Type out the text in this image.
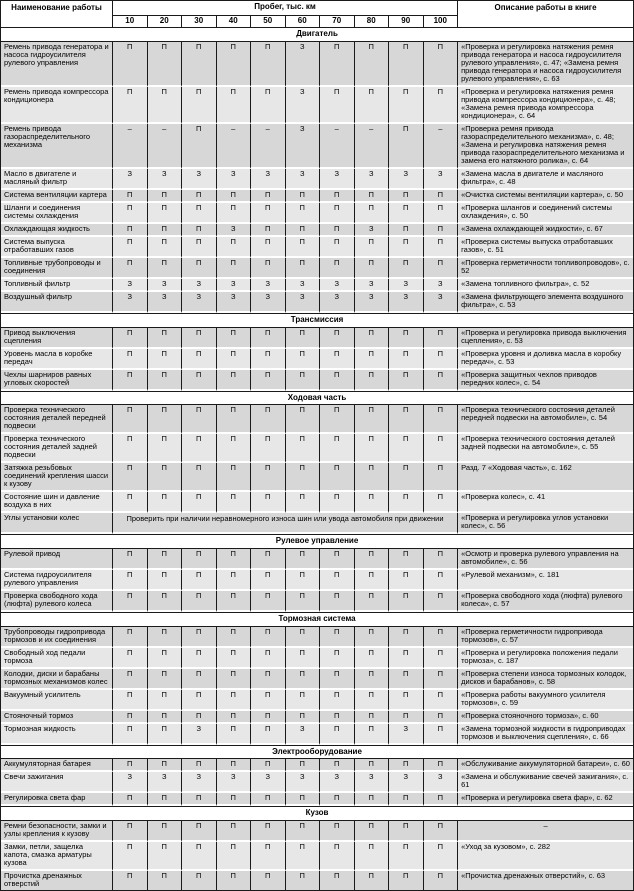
Наименование работы	Пробег, тыс. км										Описание работы в книге
	10	20	30	40	50	60	70	80	90	100	
Двигатель											
Ремень привода генератора и насоса гидроусилителя рулевого управления	П	П	П	П	П	З	П	П	П	П	«Проверка и регулировка натяжения ремня привода генератора и насоса гидроусилителя рулевого управления», с. 47; «Замена ремня привода генератора и насоса гидроусилителя рулевого управления», с. 63
Ремень привода компрессора кондиционера	П	П	П	П	П	З	П	П	П	П	«Проверка и регулировка натяжения ремня привода компрессора кондиционера», с. 48; «Замена ремня привода компрессора кондиционера», с. 64
Ремень привода газораспределительного механизма	–	–	П	–	–	З	–	–	П	–	«Проверка ремня привода газораспределительного механизма», с. 48; «Замена и регулировка натяжения ремня привода газораспределительного механизма и замена его натяжного ролика», с. 64
Масло в двигателе и масляный фильтр	З	З	З	З	З	З	З	З	З	З	«Замена масла в двигателе и масляного фильтра», с. 48
Система вентиляции картера	П	П	П	П	П	П	П	П	П	П	«Очистка системы вентиляции картера», с. 50
Шланги и соединения системы охлаждения	П	П	П	П	П	П	П	П	П	П	«Проверка шлангов и соединений системы охлаждения», с. 50
Охлаждающая жидкость	П	П	П	З	П	П	П	З	П	П	«Замена охлаждающей жидкости», с. 67
Система выпуска отработавших газов	П	П	П	П	П	П	П	П	П	П	«Проверка системы выпуска отработавших газов», с. 51
Топливные трубопроводы и соединения	П	П	П	П	П	П	П	П	П	П	«Проверка герметичности топливопроводов», с. 52
Топливный фильтр	З	З	З	З	З	З	З	З	З	З	«Замена топливного фильтра», с. 52
Воздушный фильтр	З	З	З	З	З	З	З	З	З	З	«Замена фильтрующего элемента воздушного фильтра», с. 53
Трансмиссия											
Привод выключения сцепления	П	П	П	П	П	П	П	П	П	П	«Проверка и регулировка привода выключения сцепления», с. 53
Уровень масла в коробке передач	П	П	П	П	П	П	П	П	П	П	«Проверка уровня и доливка масла в коробку передач», с. 53
Чехлы шарниров равных угловых скоростей	П	П	П	П	П	П	П	П	П	П	«Проверка защитных чехлов приводов передних колес», с. 54
Ходовая часть											
Проверка технического состояния деталей передней подвески	П	П	П	П	П	П	П	П	П	П	«Проверка технического состояния деталей передней подвески на автомобиле», с. 54
Проверка технического состояния деталей задней подвески	П	П	П	П	П	П	П	П	П	П	«Проверка технического состояния деталей задней подвески на автомобиле», с. 55
Затяжка резьбовых соединений крепления шасси к кузову	П	П	П	П	П	П	П	П	П	П	Разд. 7 «Ходовая часть», с. 162
Состояние шин и давление воздуха в них	П	П	П	П	П	П	П	П	П	П	«Проверка колес», с. 41
Углы установки колес	Проверить при наличии неравномерного износа шин или увода автомобиля при движении										«Проверка и регулировка углов установки колес», с. 56
Рулевое управление											
Рулевой привод	П	П	П	П	П	П	П	П	П	П	«Осмотр и проверка рулевого управления на автомобиле», с. 56
Система гидроусилителя рулевого управления	П	П	П	П	П	П	П	П	П	П	«Рулевой механизм», с. 181
Проверка свободного хода (люфта) рулевого колеса	П	П	П	П	П	П	П	П	П	П	«Проверка свободного хода (люфта) рулевого колеса», с. 57
Тормозная система											
Трубопроводы гидропривода тормозов и их соединения	П	П	П	П	П	П	П	П	П	П	«Проверка герметичности гидропривода тормозов», с. 57
Свободный ход педали тормоза	П	П	П	П	П	П	П	П	П	П	«Проверка и регулировка положения педали тормоза», с. 187
Колодки, диски и барабаны тормозных механизмов колес	П	П	П	П	П	П	П	П	П	П	«Проверка степени износа тормозных колодок, дисков и барабанов», с. 58
Вакуумный усилитель	П	П	П	П	П	П	П	П	П	П	«Проверка работы вакуумного усилителя тормозов», с. 59
Стояночный тормоз	П	П	П	П	П	П	П	П	П	П	«Проверка стояночного тормоза», с. 60
Тормозная жидкость	П	П	З	П	П	З	П	П	З	П	«Замена тормозной жидкости в гидроприводах тормозов и выключения сцепления», с. 66
Электрооборудование											
Аккумуляторная батарея	П	П	П	П	П	П	П	П	П	П	«Обслуживание аккумуляторной батареи», с. 60
Свечи зажигания	З	З	З	З	З	З	З	З	З	З	«Замена и обслуживание свечей зажигания», с. 61
Регулировка света фар	П	П	П	П	П	П	П	П	П	П	«Проверка и регулировка света фар», с. 62
Кузов											
Ремни безопасности, замки и узлы крепления к кузову	П	П	П	П	П	П	П	П	П	П	–
Замки, петли, защелка капота, смазка арматуры кузова	П	П	П	П	П	П	П	П	П	П	«Уход за кузовом», с. 282
Прочистка дренажных отверстий	П	П	П	П	П	П	П	П	П	П	«Прочистка дренажных отверстий», с. 63
